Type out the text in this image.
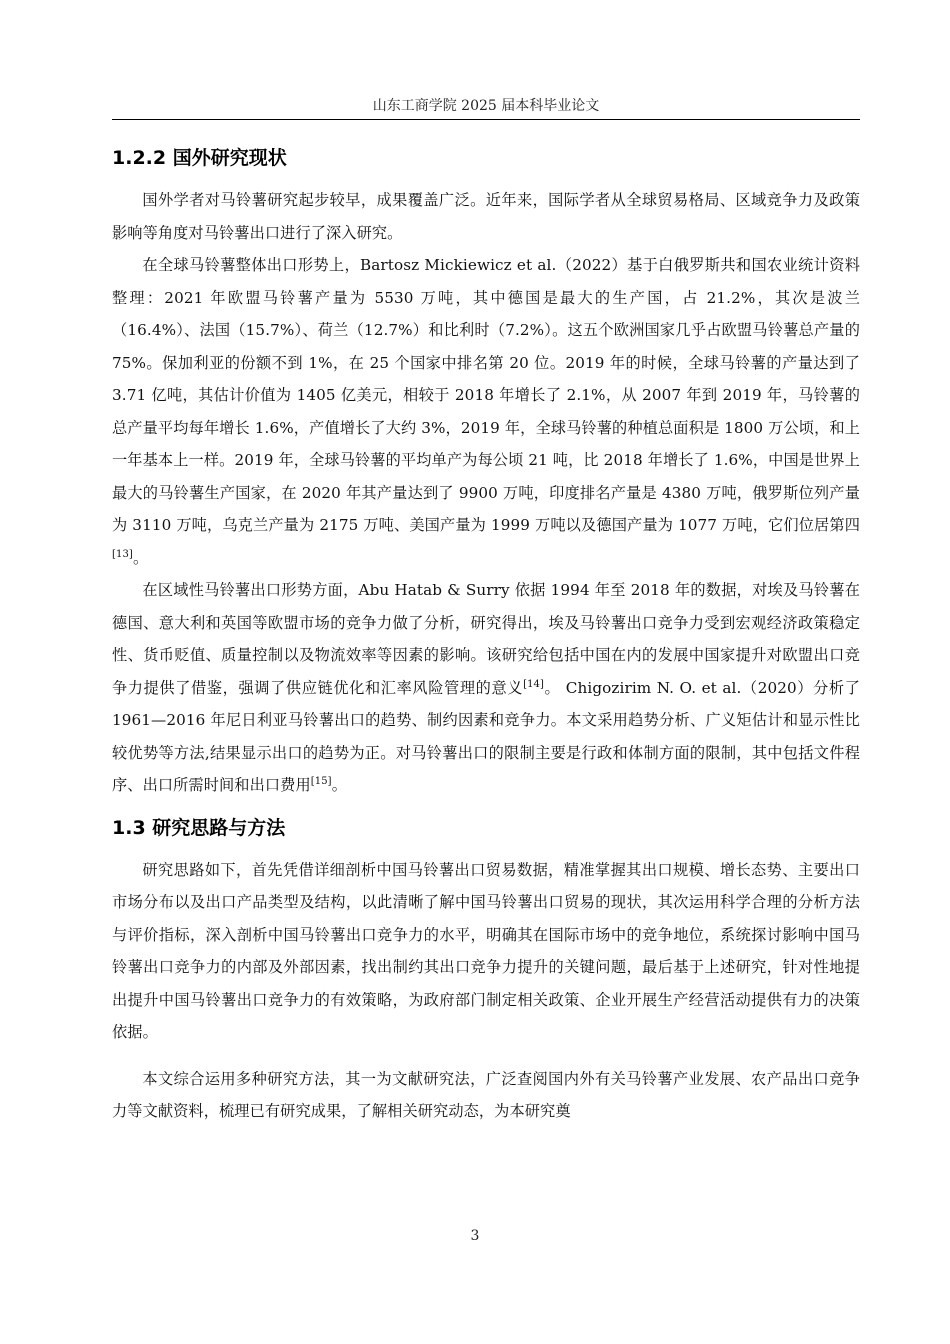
山东工商学院 2025 届本科毕业论文
1.2.2 国外研究现状

国外学者对马铃薯研究起步较早，成果覆盖广泛。近年来，国际学者从全球贸易格局、区域竞争力及政策影响等角度对马铃薯出口进行了深入研究。

在全球马铃薯整体出口形势上，Bartosz Mickiewicz et al.（2022）基于白俄罗斯共和国农业统计资料整理：2021 年欧盟马铃薯产量为 5530 万吨，其中德国是最大的生产国，占 21.2%，其次是波兰（16.4%）、法国（15.7%）、荷兰（12.7%）和比利时（7.2%）。这五个欧洲国家几乎占欧盟马铃薯总产量的 75%。保加利亚的份额不到 1%，在 25 个国家中排名第 20 位。2019 年的时候，全球马铃薯的产量达到了 3.71 亿吨，其估计价值为 1405 亿美元，相较于 2018 年增长了 2.1%，从 2007 年到 2019 年，马铃薯的总产量平均每年增长 1.6%，产值增长了大约 3%，2019 年，全球马铃薯的种植总面积是 1800 万公顷，和上一年基本上一样。2019 年，全球马铃薯的平均单产为每公顷 21 吨，比 2018 年增长了 1.6%，中国是世界上最大的马铃薯生产国家，在 2020 年其产量达到了 9900 万吨，印度排名产量是 4380 万吨，俄罗斯位列产量为 3110 万吨，乌克兰产量为 2175 万吨、美国产量为 1999 万吨以及德国产量为 1077 万吨，它们位居第四[13]。

在区域性马铃薯出口形势方面，Abu Hatab & Surry 依据 1994 年至 2018 年的数据，对埃及马铃薯在德国、意大利和英国等欧盟市场的竞争力做了分析，研究得出，埃及马铃薯出口竞争力受到宏观经济政策稳定性、货币贬值、质量控制以及物流效率等因素的影响。该研究给包括中国在内的发展中国家提升对欧盟出口竞争力提供了借鉴，强调了供应链优化和汇率风险管理的意义[14]。 Chigozirim N. O. et al.（2020）分析了 1961—2016 年尼日利亚马铃薯出口的趋势、制约因素和竞争力。本文采用趋势分析、广义矩估计和显示性比较优势等方法,结果显示出口的趋势为正。对马铃薯出口的限制主要是行政和体制方面的限制，其中包括文件程序、出口所需时间和出口费用[15]。

1.3 研究思路与方法

研究思路如下，首先凭借详细剖析中国马铃薯出口贸易数据，精准掌握其出口规模、增长态势、主要出口市场分布以及出口产品类型及结构，以此清晰了解中国马铃薯出口贸易的现状，其次运用科学合理的分析方法与评价指标，深入剖析中国马铃薯出口竞争力的水平，明确其在国际市场中的竞争地位，系统探讨影响中国马铃薯出口竞争力的内部及外部因素，找出制约其出口竞争力提升的关键问题，最后基于上述研究，针对性地提出提升中国马铃薯出口竞争力的有效策略，为政府部门制定相关政策、企业开展生产经营活动提供有力的决策依据。

本文综合运用多种研究方法，其一为文献研究法，广泛查阅国内外有关马铃薯产业发展、农产品出口竞争力等文献资料，梳理已有研究成果，了解相关研究动态，为本研究奠

3
